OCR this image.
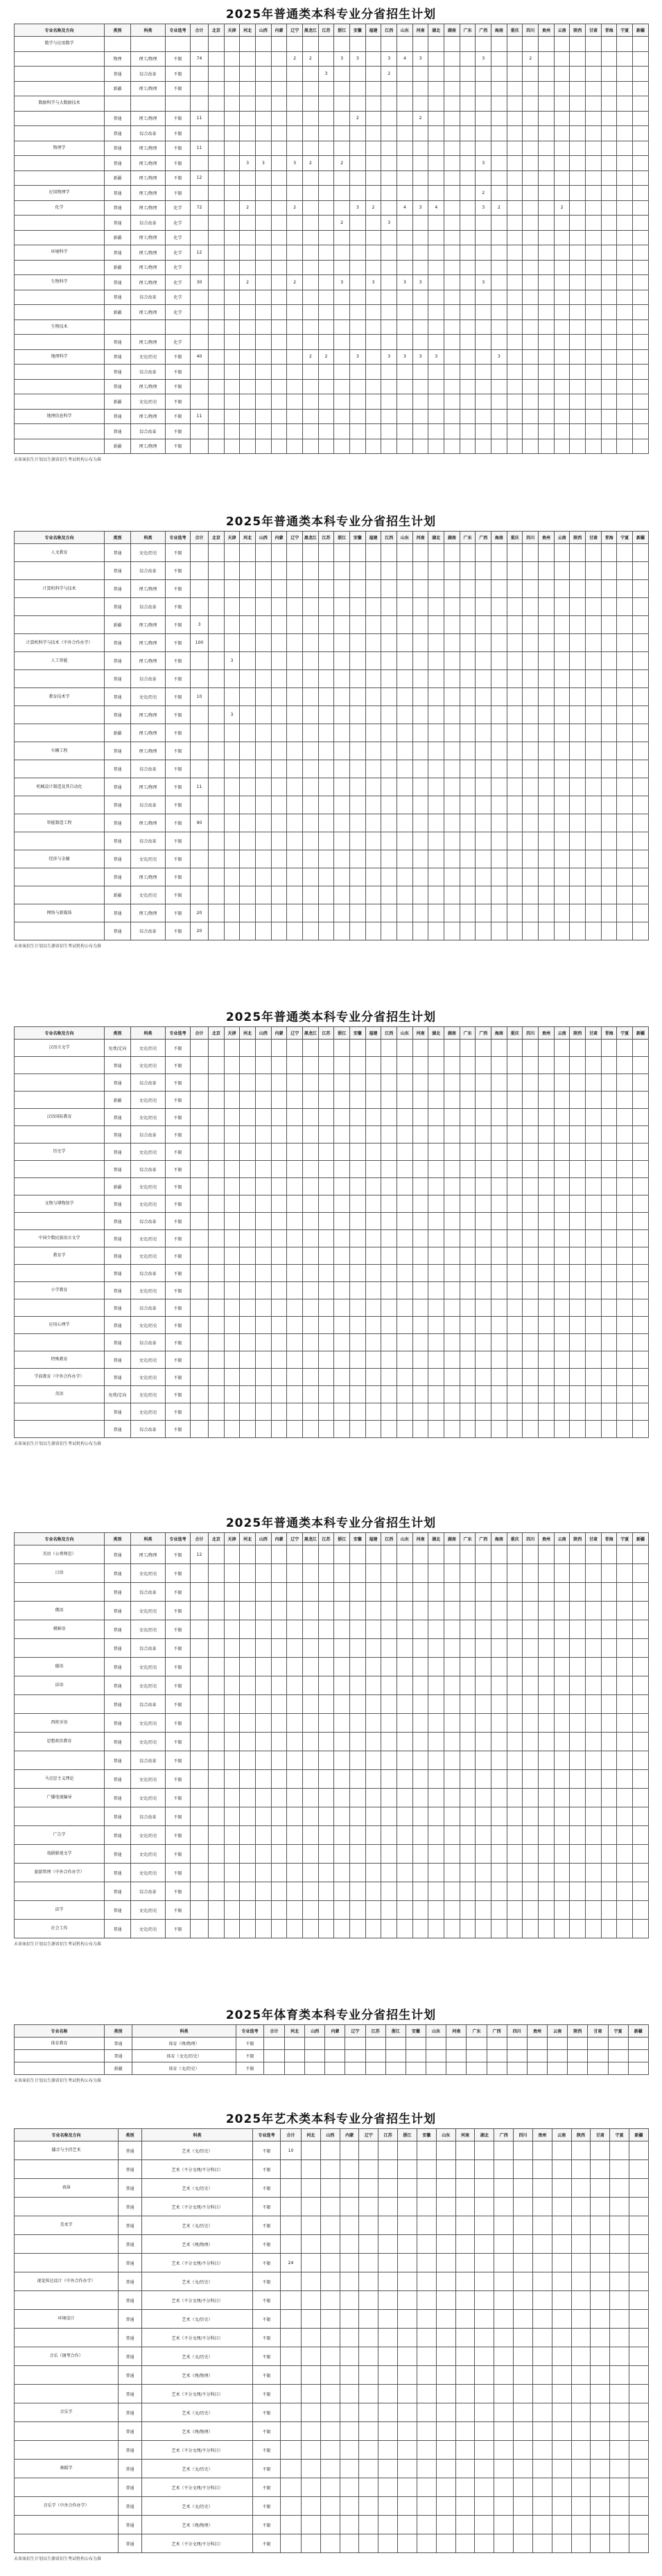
2025年普通类本科专业分省招生计划
专业名称及方向	类别	科类	专业选考	合计	北京	天津	河北	山西	内蒙	辽宁	黑龙江	江苏	浙江	安徽	福建	江西	山东	河南	湖北	湖南	广东	广西	海南	重庆	四川	贵州	云南	陕西	甘肃	青海	宁夏	新疆
数学与应用数学																																
	物理	理工/物理	不限	74						2	2		3	3		3	4	3				3			2							
	普通	综合改革	不限									3				2																
	新疆	理工/物理	不限																													
数据科学与大数据技术																																
	普通	理工/物理	不限	11										2				2														
	普通	综合改革	不限																													
物理学	普通	理工/物理	不限	11																												
	普通	理工/物理	不限				3	3		3	2		2									3										
	新疆	理工/物理	不限	12																												
应用物理学	普通	理工/物理	不限																			2										
化学	普通	理工/物理	化学	72			2			2				3	2		4	3	4			3	2				2					
	普通	综合改革	化学										2			3																
	新疆	理工/物理	化学																													
环境科学	普通	理工/物理	化学	12																												
	新疆	理工/物理	化学																													
生物科学	普通	理工/物理	化学	30			2			2			3		3		3	3				3										
	普通	综合改革	化学																													
	新疆	理工/物理	化学																													
生物技术																																
	普通	理工/物理	化学																													
地理科学	普通	文史/历史	不限	40							2	2		3		3	3	3	3				3									
	普通	综合改革	不限																													
	普通	理工/物理	不限																													
	新疆	文史/历史	不限																													
地理信息科学	普通	理工/物理	不限	11																												
	普通	综合改革	不限																													
	新疆	理工/物理	不限																													
未备案招生计划以生源省招生考试机构公布为准
2025年普通类本科专业分省招生计划
专业名称及方向	类别	科类	专业选考	合计	北京	天津	河北	山西	内蒙	辽宁	黑龙江	江苏	浙江	安徽	福建	江西	山东	河南	湖北	湖南	广东	广西	海南	重庆	四川	贵州	云南	陕西	甘肃	青海	宁夏	新疆
人文教育	普通	文史/历史	不限																													
	普通	综合改革	不限																													
计算机科学与技术	普通	理工/物理	不限																													
	普通	综合改革	不限																													
	新疆	理工/物理	不限	3																												
计算机科学与技术（中外合作办学）	普通	理工/物理	不限	100																												
人工智能	普通	理工/物理	不限			3																										
	普通	综合改革	不限																													
教育技术学	普通	文史/历史	不限	10																												
	普通	理工/物理	不限			3																										
	新疆	理工/物理	不限																													
车辆工程	普通	理工/物理	不限																													
	普通	综合改革	不限																													
机械设计制造及其自动化	普通	理工/物理	不限	11																												
	普通	综合改革	不限																													
智能制造工程	普通	理工/物理	不限	90																												
	普通	综合改革	不限																													
经济与金融	普通	文史/历史	不限																													
	普通	理工/物理	不限																													
	新疆	文史/历史	不限																													
网络与新媒体	普通	理工/物理	不限	20																												
	普通	综合改革	不限	20																												
未备案招生计划以生源省招生考试机构公布为准
2025年普通类本科专业分省招生计划
专业名称及方向	类别	科类	专业选考	合计	北京	天津	河北	山西	内蒙	辽宁	黑龙江	江苏	浙江	安徽	福建	江西	山东	河南	湖北	湖南	广东	广西	海南	重庆	四川	贵州	云南	陕西	甘肃	青海	宁夏	新疆
汉语言文学	免费/定向	文史/历史	不限																													
	普通	文史/历史	不限																													
	普通	综合改革	不限																													
	新疆	文史/历史	不限																													
汉语国际教育	普通	文史/历史	不限																													
	普通	综合改革	不限																													
历史学	普通	文史/历史	不限																													
	普通	综合改革	不限																													
	新疆	文史/历史	不限																													
文物与博物馆学	普通	文史/历史	不限																													
	普通	综合改革	不限																													
中国少数民族语言文学	普通	文史/历史	不限																													
教育学	普通	文史/历史	不限																													
	普通	综合改革	不限																													
小学教育	普通	文史/历史	不限																													
	普通	综合改革	不限																													
应用心理学	普通	文史/历史	不限																													
	普通	综合改革	不限																													
特殊教育	普通	文史/历史	不限																													
学前教育（中外合作办学）	普通	文史/历史	不限																													
英语	免费/定向	文史/历史	不限																													
	普通	文史/历史	不限																													
	普通	综合改革	不限																													
未备案招生计划以生源省招生考试机构公布为准
2025年普通类本科专业分省招生计划
专业名称及方向	类别	科类	专业选考	合计	北京	天津	河北	山西	内蒙	辽宁	黑龙江	江苏	浙江	安徽	福建	江西	山东	河南	湖北	湖南	广东	广西	海南	重庆	四川	贵州	云南	陕西	甘肃	青海	宁夏	新疆
英语（公费师范）	普通	理工/物理	不限	12																												
日语	普通	文史/历史	不限																													
	普通	综合改革	不限																													
俄语	普通	文史/历史	不限																													
朝鲜语	普通	文史/历史	不限																													
	普通	综合改革	不限																													
德语	普通	文史/历史	不限																													
法语	普通	文史/历史	不限																													
	普通	综合改革	不限																													
西班牙语	普通	文史/历史	不限																													
思想政治教育	普通	文史/历史	不限																													
	普通	综合改革	不限																													
马克思主义理论	普通	文史/历史	不限																													
广播电视编导	普通	文史/历史	不限																													
	普通	综合改革	不限																													
广告学	普通	文史/历史	不限																													
戏剧影视文学	普通	文史/历史	不限																													
旅游管理（中外合作办学）	普通	文史/历史	不限																													
	普通	综合改革	不限																													
法学	普通	文史/历史	不限																													
社会工作	普通	文史/历史	不限																													
未备案招生计划以生源省招生考试机构公布为准
2025年体育类本科专业分省招生计划
专业名称	类别	科类	专业选考	合计	河北	山西	内蒙	辽宁	江苏	浙江	安徽	山东	河南	广东	广西	四川	贵州	云南	陕西	甘肃	宁夏	新疆
体育教育	普通	体育（理/物理）	不限																			
	普通	体育（文史/历史）	不限																			
	新疆	体育（文/历史）	不限																			
未备案招生计划以生源省招生考试机构公布为准
2025年艺术类本科专业分省招生计划
专业名称及方向	类别	科类	专业选考	合计	河北	山西	内蒙	辽宁	江苏	浙江	安徽	山东	河南	湖北	广西	四川	贵州	云南	陕西	甘肃	宁夏	新疆
播音与主持艺术	普通	艺术（文/历史）	不限	10																		
	普通	艺术（不分文理/不分科目）	不限																			
表演	普通	艺术（文/历史）	不限																			
	普通	艺术（不分文理/不分科目）	不限																			
美术学	普通	艺术（文/历史）	不限																			
	普通	艺术（理/物理）	不限																			
	普通	艺术（不分文理/不分科目）	不限	24																		
视觉传达设计（中外合作办学）	普通	艺术（文/历史）	不限																			
	普通	艺术（不分文理/不分科目）	不限																			
环境设计	普通	艺术（文/历史）	不限																			
	普通	艺术（不分文理/不分科目）	不限																			
音乐（钢琴合作）	普通	艺术（文/历史）	不限																			
	普通	艺术（理/物理）	不限																			
	普通	艺术（不分文理/不分科目）	不限																			
音乐学	普通	艺术（文/历史）	不限																			
	普通	艺术（理/物理）	不限																			
	普通	艺术（不分文理/不分科目）	不限																			
舞蹈学	普通	艺术（文/历史）	不限																			
	普通	艺术（不分文理/不分科目）	不限																			
音乐学（中外合作办学）	普通	艺术（文/历史）	不限																			
	普通	艺术（理/物理）	不限																			
	普通	艺术（不分文理/不分科目）	不限																			
未备案招生计划以生源省招生考试机构公布为准
